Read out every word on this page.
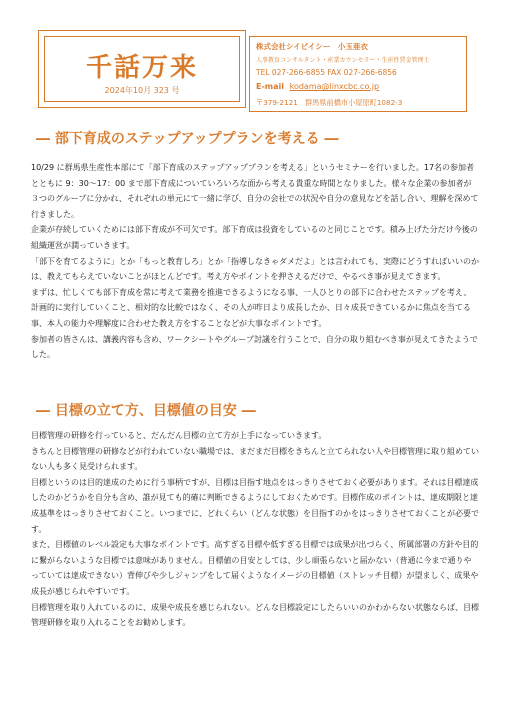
千話万来
2024年10月 323 号
株式会社シイビイシー　小玉亜衣
人事教育コンサルタント・産業カウンセラー・生産性賃金管理士
TEL 027-266-6855 FAX 027-266-6856
E-mail kodama@linxcbc.co.jp
〒379-2121　群馬県前橋市小屋原町1082-3
― 部下育成のステップアッププランを考える ―

10/29 に群馬県生産性本部にて「部下育成のステップアッププランを考える」というセミナーを行いました。17名の参加者とともに 9：30～17：00 まで部下育成についていろいろな面から考える貴重な時間となりました。様々な企業の参加者が３つのグループに分かれ、それぞれの単元にて一緒に学び、自分の会社での状況や自分の意見などを話し合い、理解を深めて行きました。

企業が存続していくためには部下育成が不可欠です。部下育成は投資をしているのと同じことです。積み上げた分だけ今後の組織運営が潤っていきます。

「部下を育てるように」とか「もっと教育しろ」とか「指導しなきゃダメだよ」とは言われても、実際にどうすればいいのかは、教えてもらえていないことがほとんどです。考え方やポイントを押さえるだけで、やるべき事が見えてきます。

まずは、忙しくても部下育成を常に考えて業務を推進できるようになる事、一人ひとりの部下に合わせたステップを考え、計画的に実行していくこと、相対的な比較ではなく、その人が昨日より成長したか、日々成長できているかに焦点を当てる事、本人の能力や理解度に合わせた教え方をすることなどが大事なポイントです。

参加者の皆さんは、講義内容も含め、ワークシートやグループ討議を行うことで、自分の取り組むべき事が見えてきたようでした。

― 目標の立て方、目標値の目安 ―

目標管理の研修を行っていると、だんだん目標の立て方が上手になっていきます。

きちんと目標管理の研修などが行われていない職場では、まだまだ目標をきちんと立てられない人や目標管理に取り組めていない人も多く見受けられます。

目標というのは目的達成のために行う事柄ですが、目標は目指す地点をはっきりさせておく必要があります。それは目標達成したのかどうかを自分も含め、誰が見ても的確に判断できるようにしておくためです。目標作成のポイントは、達成期限と達成基準をはっきりさせておくこと。いつまでに、どれくらい（どんな状態）を目指すのかをはっきりさせておくことが必要です。

また、目標値のレベル設定も大事なポイントです。高すぎる目標や低すぎる目標では成果が出づらく、所属部署の方針や目的に繋がらないような目標では意味がありません。目標値の目安としては、少し頑張らないと届かない（普通に今まで通りやっていては達成できない）背伸びや少しジャンプをして届くようなイメージの目標値（ストレッチ目標）が望ましく、成果や成長が感じられやすいです。

目標管理を取り入れているのに、成果や成長を感じられない。どんな目標設定にしたらいいのかわからない状態ならば、目標管理研修を取り入れることをお勧めします。
